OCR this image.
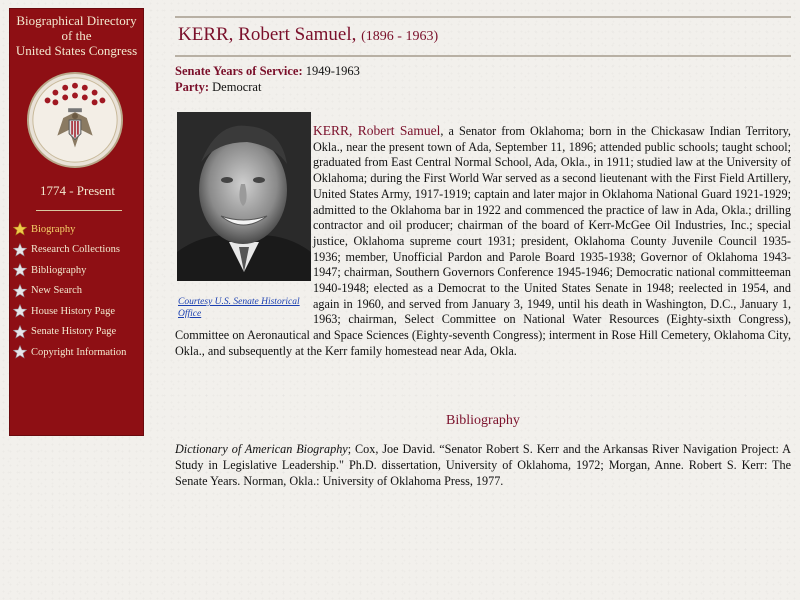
Biographical Directory
of the
United States Congress
1774 - Present
Biography
Research Collections
Bibliography
New Search
House History Page
Senate History Page
Copyright Information
KERR, Robert Samuel, (1896 - 1963)
Senate Years of Service: 1949-1963
Party: Democrat
KERR, Robert Samuel, a Senator from Oklahoma; born in the Chickasaw Indian Territory, Okla., near the present town of Ada, September 11, 1896; attended public schools; taught school; graduated from East Central Normal School, Ada, Okla., in 1911; studied law at the University of Oklahoma; during the First World War served as a second lieutenant with the First Field Artillery, United States Army, 1917-1919; captain and later major in Oklahoma National Guard 1921-1929; admitted to the Oklahoma bar in 1922 and commenced the practice of law in Ada, Okla.; drilling contractor and oil producer; chairman of the board of Kerr-McGee Oil Industries, Inc.; special justice, Oklahoma supreme court 1931; president, Oklahoma County Juvenile Council 1935-1936; member, Unofficial Pardon and Parole Board 1935-1938; Governor of Oklahoma 1943-1947; chairman, Southern Governors Conference 1945-1946; Democratic national committeeman 1940-1948; elected as a Democrat to the United States Senate in 1948; reelected in 1954, and again in 1960, and served from January 3, 1949, until his death in Washington, D.C., January 1, 1963; chairman, Select Committee on National Water Resources (Eighty-sixth Congress), Committee on Aeronautical and Space Sciences (Eighty-seventh Congress); interment in Rose Hill Cemetery, Oklahoma City, Okla., and subsequently at the Kerr family homestead near Ada, Okla.
Courtesy U.S. Senate Historical Office
Bibliography
Dictionary of American Biography; Cox, Joe David. “Senator Robert S. Kerr and the Arkansas River Navigation Project: A Study in Legislative Leadership." Ph.D. dissertation, University of Oklahoma, 1972; Morgan, Anne. Robert S. Kerr: The Senate Years. Norman, Okla.: University of Oklahoma Press, 1977.
